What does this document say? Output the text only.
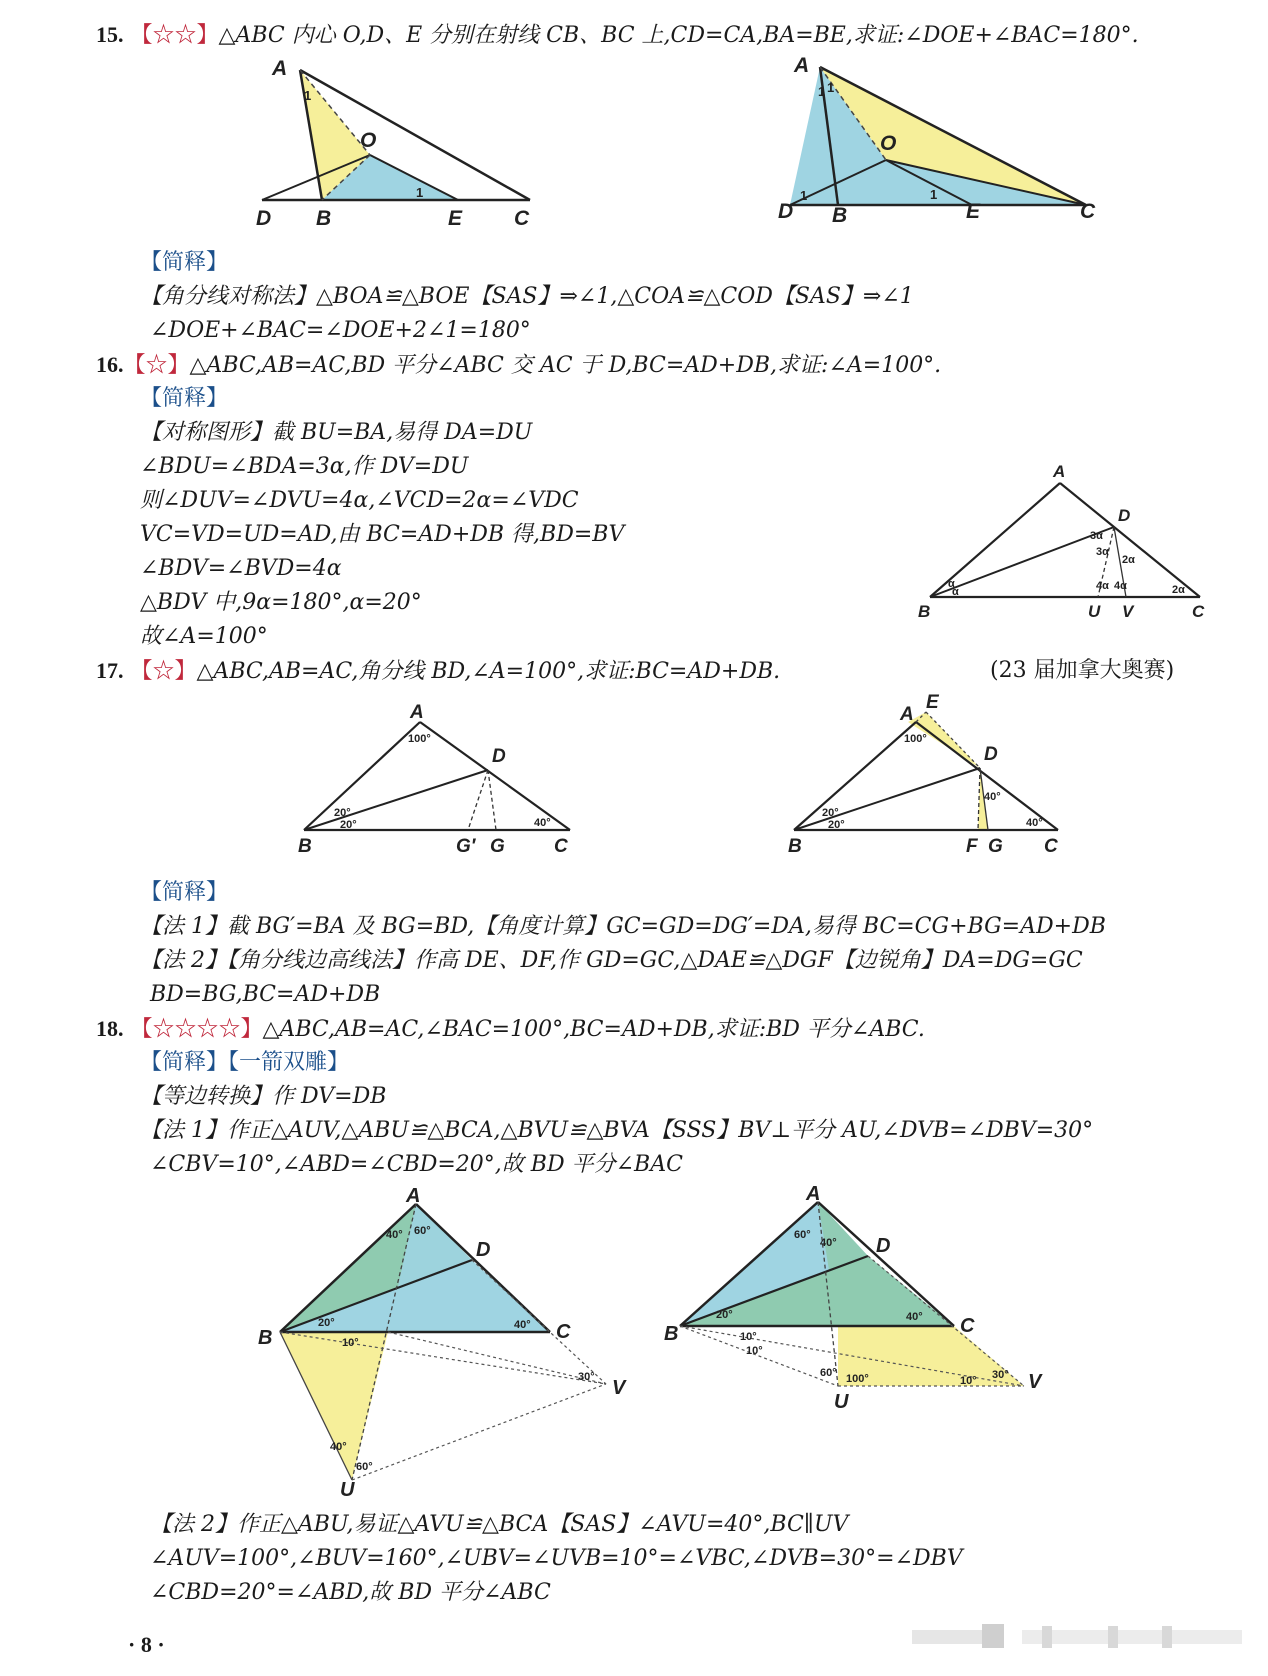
15. 【☆☆】△ABC 内心 O,D、E 分别在射线 CB、BC 上,CD=CA,BA=BE,求证:∠DOE+∠BAC=180°.
A
O
D B	E C
1
1
A
O
D B	E	C
1 1
1	1
【简释】
【角分线对称法】△BOA≌△BOE【SAS】⇒∠1,△COA≌△COD【SAS】⇒∠1
∠DOE+∠BAC=∠DOE+2∠1=180°
16.【☆】△ABC,AB=AC,BD 平分∠ABC 交 AC 于 D,BC=AD+DB,求证:∠A=100°.
【简释】
【对称图形】截 BU=BA,易得 DA=DU
∠BDU=∠BDA=3α,作 DV=DU
则∠DUV=∠DVU=4α,∠VCD=2α=∠VDC
VC=VD=UD=AD,由 BC=AD+DB 得,BD=BV
∠BDV=∠BVD=4α
△BDV 中,9α=180°,α=20°
故∠A=100°
A
D
B	U V	C
3α
3α
2α
α
α	4α 4α	2α
17. 【☆】△ABC,AB=AC,角分线 BD,∠A=100°,求证:BC=AD+DB.	(23 届加拿大奥赛)
A
D
B	G′ G	C
100°
20°
20°	40°
A
E
D
B	F G C
100°
40°
20°
20°	40°
【简释】
【法 1】截 BG′=BA 及 BG=BD,【角度计算】GC=GD=DG′=DA,易得 BC=CG+BG=AD+DB
【法 2】【角分线边高线法】作高 DE、DF,作 GD=GC,△DAE≌△DGF【边锐角】DA=DG=GC
BD=BG,BC=AD+DB
18. 【☆☆☆☆】△ABC,AB=AC,∠BAC=100°,BC=AD+DB,求证:BD 平分∠ABC.
【简释】【一箭双雕】
【等边转换】作 DV=DB
【法 1】作正△AUV,△ABU≌△BCA,△BVU≌△BVA【SSS】BV⊥平分 AU,∠DVB=∠DBV=30°
∠CBV=10°,∠ABD=∠CBD=20°,故 BD 平分∠BAC
A
D
B	C
V
U
40° 60°
20°	40°
10°
30°
40°
60°
A
D
B	C
U
V
60°
40°
20°	40°
10°
10°
60° 100°	10° 30°
【法 2】作正△ABU,易证△AVU≌△BCA【SAS】∠AVU=40°,BC∥UV
∠AUV=100°,∠BUV=160°,∠UBV=∠UVB=10°=∠VBC,∠DVB=30°=∠DBV
∠CBD=20°=∠ABD,故 BD 平分∠ABC
· 8 ·
